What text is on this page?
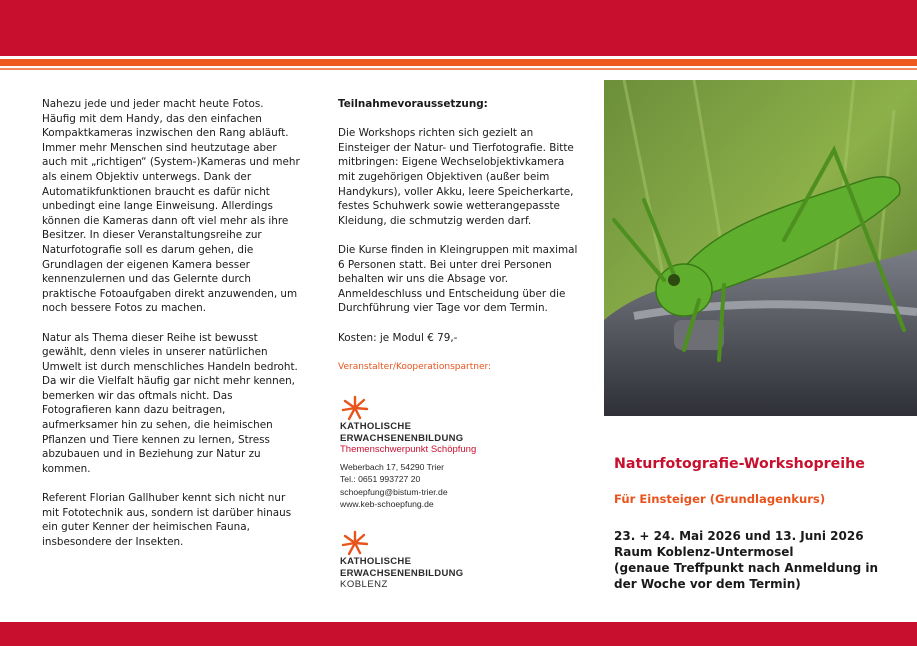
Nahezu jede und jeder macht heute Fotos. Häufig mit dem Handy, das den einfachen Kompaktkameras inzwischen den Rang abläuft. Immer mehr Menschen sind heutzutage aber auch mit „richtigen“ (System-)Kameras und mehr als einem Objektiv unterwegs. Dank der Automatikfunktionen braucht es dafür nicht unbedingt eine lange Einweisung. Allerdings können die Kameras dann oft viel mehr als ihre Besitzer. In dieser Veranstaltungsreihe zur Naturfotografie soll es darum gehen, die Grundlagen der eigenen Kamera besser kennenzulernen und das Gelernte durch praktische Fotoaufgaben direkt anzuwenden, um noch bessere Fotos zu machen.

Natur als Thema dieser Reihe ist bewusst gewählt, denn vieles in unserer natürlichen Umwelt ist durch menschliches Handeln bedroht. Da wir die Vielfalt häufig gar nicht mehr kennen, bemerken wir das oftmals nicht. Das Fotografieren kann dazu beitragen, aufmerksamer hin zu sehen, die heimischen Pflanzen und Tiere kennen zu lernen, Stress abzubauen und in Beziehung zur Natur zu kommen.

Referent Florian Gallhuber kennt sich nicht nur mit Fototechnik aus, sondern ist darüber hinaus ein guter Kenner der heimischen Fauna, insbesondere der Insekten.

Teilnahmevoraussetzung:

Die Workshops richten sich gezielt an Einsteiger der Natur- und Tierfotografie. Bitte mitbringen: Eigene Wechselobjektivkamera mit zugehörigen Objektiven (außer beim Handykurs), voller Akku, leere Speicherkarte, festes Schuhwerk sowie wetterangepasste Kleidung, die schmutzig werden darf.

Die Kurse finden in Kleingruppen mit maximal 6 Personen statt. Bei unter drei Personen behalten wir uns die Absage vor. Anmeldeschluss und Entscheidung über die Durchführung vier Tage vor dem Termin.

Kosten: je Modul € 79,-

Veranstalter/Kooperationspartner:

KATHOLISCHE
ERWACHSENENBILDUNG
Themenschwerpunkt Schöpfung
Weberbach 17, 54290 Trier
Tel.: 0651 993727 20
schoepfung@bistum-trier.de
www.keb-schoepfung.de
KATHOLISCHE
ERWACHSENENBILDUNG
KOBLENZ
Naturfotografie-Workshopreihe
Für Einsteiger (Grundlagenkurs)
23. + 24. Mai 2026 und 13. Juni 2026
Raum Koblenz-Untermosel
(genaue Treffpunkt nach Anmeldung in
der Woche vor dem Termin)
